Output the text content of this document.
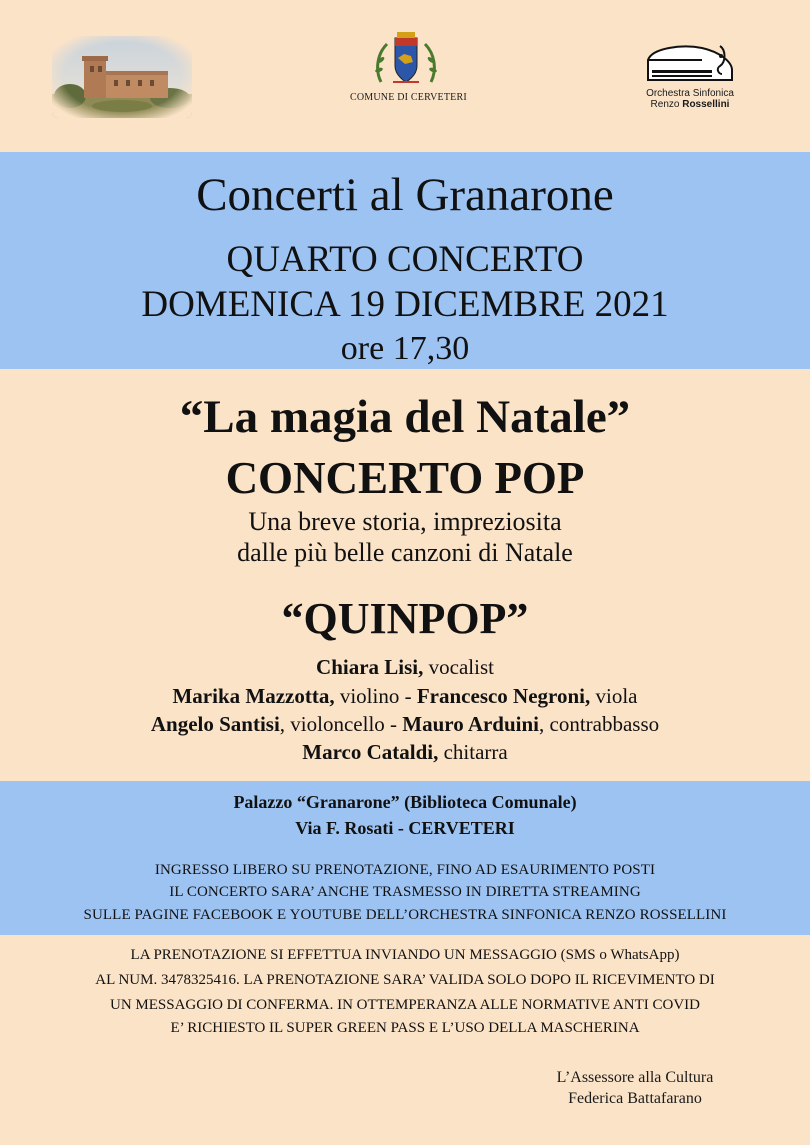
COMUNE DI CERVETERI	Orchestra Sinfonica
Renzo Rossellini
Concerti al Granarone
QUARTO CONCERTO
DOMENICA 19 DICEMBRE 2021
ore 17,30
“La magia del Natale”
CONCERTO POP
Una breve storia, impreziosita
dalle più belle canzoni di Natale
“QUINPOP”
Chiara Lisi, vocalist
Marika Mazzotta, violino - Francesco Negroni, viola
Angelo Santisi, violoncello - Mauro Arduini, contrabbasso
Marco Cataldi, chitarra
Palazzo “Granarone” (Biblioteca Comunale)
Via F. Rosati - CERVETERI
INGRESSO LIBERO SU PRENOTAZIONE, FINO AD ESAURIMENTO POSTI
IL CONCERTO SARA’ ANCHE TRASMESSO IN DIRETTA STREAMING
SULLE PAGINE FACEBOOK E YOUTUBE DELL’ORCHESTRA SINFONICA RENZO ROSSELLINI
LA PRENOTAZIONE SI EFFETTUA INVIANDO UN MESSAGGIO (SMS o WhatsApp)
AL NUM. 3478325416. LA PRENOTAZIONE SARA’ VALIDA SOLO DOPO IL RICEVIMENTO DI
UN MESSAGGIO DI CONFERMA. IN OTTEMPERANZA ALLE NORMATIVE ANTI COVID
E’ RICHIESTO IL SUPER GREEN PASS E L’USO DELLA MASCHERINA
L’Assessore alla Cultura
Federica Battafarano
